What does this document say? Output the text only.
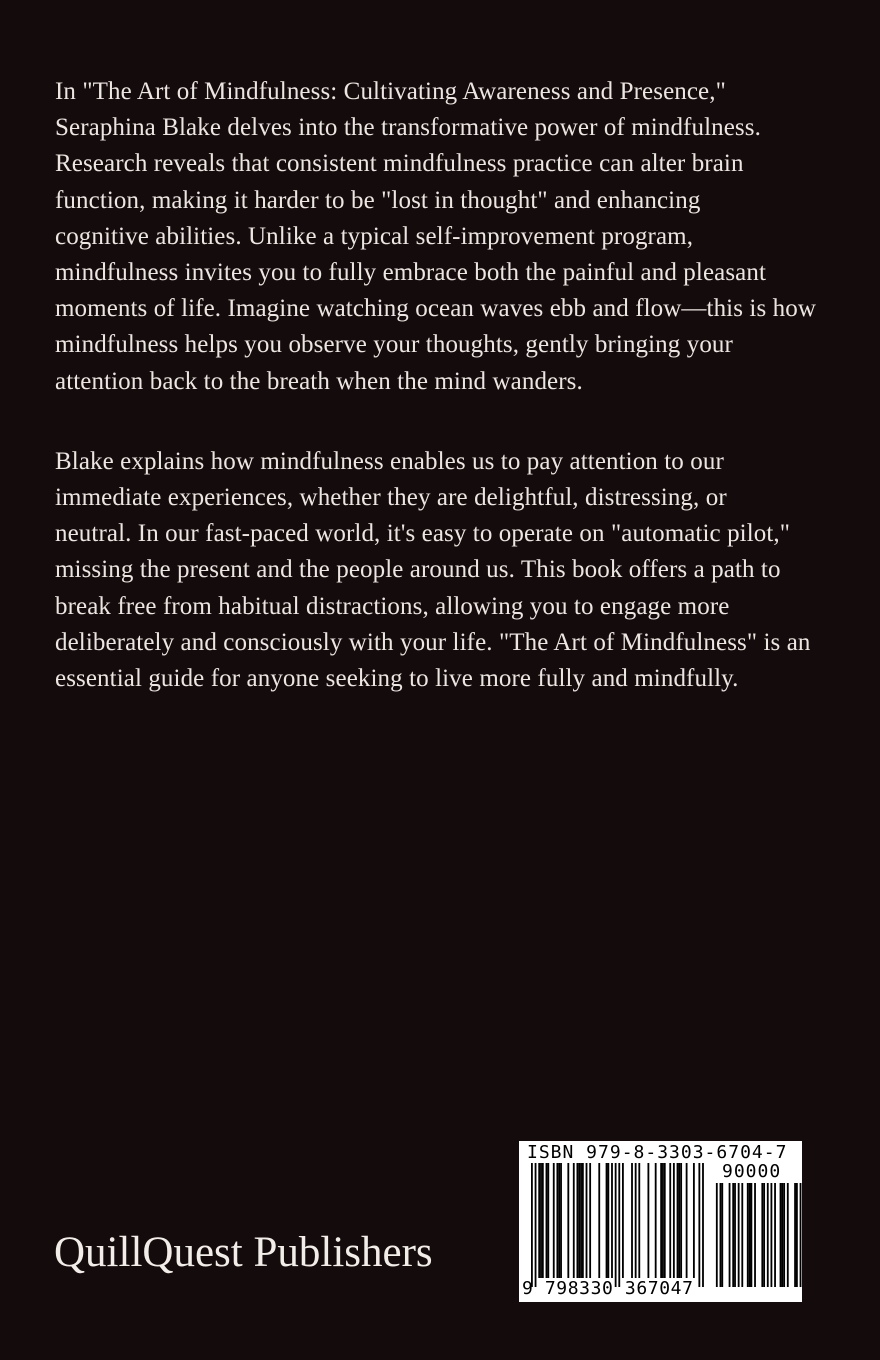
In "The Art of Mindfulness: Cultivating Awareness and Presence,"
Seraphina Blake delves into the transformative power of mindfulness.
Research reveals that consistent mindfulness practice can alter brain
function, making it harder to be "lost in thought" and enhancing
cognitive abilities. Unlike a typical self-improvement program,
mindfulness invites you to fully embrace both the painful and pleasant
moments of life. Imagine watching ocean waves ebb and flow—this is how
mindfulness helps you observe your thoughts, gently bringing your
attention back to the breath when the mind wanders.

Blake explains how mindfulness enables us to pay attention to our
immediate experiences, whether they are delightful, distressing, or
neutral. In our fast-paced world, it's easy to operate on "automatic pilot,"
missing the present and the people around us. This book offers a path to
break free from habitual distractions, allowing you to engage more
deliberately and consciously with your life. "The Art of Mindfulness" is an
essential guide for anyone seeking to live more fully and mindfully.

QuillQuest Publishers
ISBN 979-8-3303-6704-7
90000
9 798330 367047
